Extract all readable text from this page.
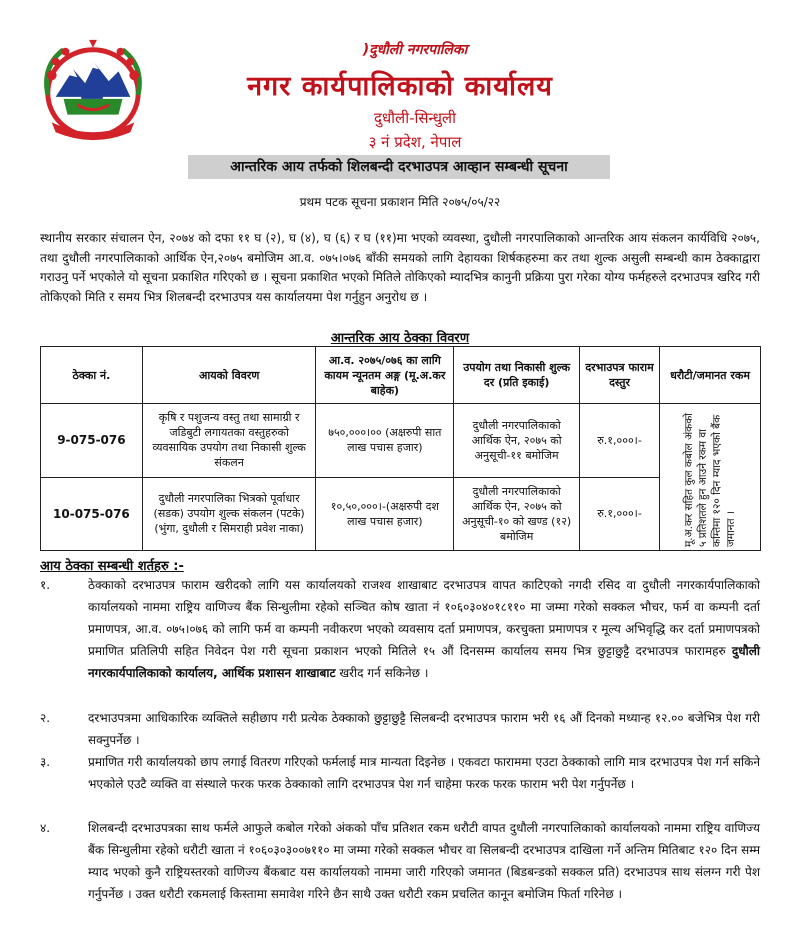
)दुधौली नगरपालिका
नगर कार्यपालिकाको कार्यालय
दुधौली-सिन्धुली
३ नं प्रदेश, नेपाल
आन्तरिक आय तर्फको शिलबन्दी दरभाउपत्र आव्हान सम्बन्धी सूचना
प्रथम पटक सूचना प्रकाशन मिति २०७५/०५/२२
स्थानीय सरकार संचालन ऐन, २०७४ को दफा ११ घ (२), घ (४), घ (६) र घ (११)मा भएको व्यवस्था, दुधौली नगरपालिकाको आन्तरिक आय संकलन कार्यविधि २०७५, तथा दुधौली नगरपालिकाको आर्थिक ऐन,२०७५ बमोजिम आ.व. ०७५।०७६ बाँकी समयको लागि देहायका शिर्षकहरुमा कर तथा शुल्क असुली सम्बन्धी काम ठेक्काद्वारा गराउनु पर्ने भएकोले यो सूचना प्रकाशित गरिएको छ । सूचना प्रकाशित भएको मितिले तोकिएको म्यादभित्र कानुनी प्रक्रिया पुरा गरेका योग्य फर्महरुले दरभाउपत्र खरिद गरी तोकिएको मिति र समय भित्र शिलबन्दी दरभाउपत्र यस कार्यालयमा पेश गर्नुहुन अनुरोध छ ।
आन्तरिक आय ठेक्का विवरण
ठेक्का नं.	आयको विवरण	आ.व. २०७५/०७६ का लागि कायम न्यूनतम अङ्ग (मू.अ.कर बाहेक)	उपयोग तथा निकासी शुल्क दर (प्रति इकाई)	दरभाउपत्र फाराम दस्तुर	धरौटी/जमानत रकम
9-075-076	कृषि र पशुजन्य वस्तु तथा सामाग्री र जडिबुटी लगायतका वस्तुहरुको व्यवसायिक उपयोग तथा निकासी शुल्क संकलन	७५०,०००।०० (अक्षरुपी सात लाख पचास हजार)	दुधौली नगरपालिकाको आर्थिक ऐन, २०७५ को अनुसूची-११ बमोजिम	रु.१,०००।-	मू.अ.कर सहित कुल कबोल अंकको ५ प्रतिशतले हुन आउने रकम वा कम्तिमा १२० दिन म्याद भएको बैंक जमानत ।

10-075-076	दुधौली नगरपालिका भित्रको पूर्वाधार (सडक) उपयोग शुल्क संकलन (पटके) (भुंगा, दुधौली र सिमराही प्रवेश नाका)	१०,५०,०००।-(अक्षरुपी दश लाख पचास हजार)	दुधौली नगरपालिकाको आर्थिक ऐन, २०७५ को अनुसूची-१० को खण्ड (१२) बमोजिम	रु.१,०००।-	
आय ठेक्का सम्बन्धी शर्तहरु :-
१.	ठेक्काको दरभाउपत्र फाराम खरीदको लागि यस कार्यालयको राजश्व शाखाबाट दरभाउपत्र वापत काटिएको नगदी रसिद वा दुधौली नगरकार्यपालिकाको कार्यालयको नाममा राष्ट्रिय वाणिज्य बैंक सिन्धुलीमा रहेको सञ्चित कोष खाता नं १०६०३०४०१८११० मा जम्मा गरेको सक्कल भौचर, फर्म वा कम्पनी दर्ता प्रमाणपत्र, आ.व. ०७५।०७६ को लागि फर्म वा कम्पनी नवीकरण भएको व्यवसाय दर्ता प्रमाणपत्र, करचुक्ता प्रमाणपत्र र मूल्य अभिवृद्धि कर दर्ता प्रमाणपत्रको प्रमाणित प्रतिलिपी सहित निवेदन पेश गरी सूचना प्रकाशन भएको मितिले १५ औं दिनसम्म कार्यालय समय भित्र छुट्टाछुट्टै दरभाउपत्र फारामहरु दुधौली नगरकार्यपालिकाको कार्यालय, आर्थिक प्रशासन शाखाबाट खरीद गर्न सकिनेछ ।
२.	दरभाउपत्रमा आधिकारिक व्यक्तिले सहीछाप गरी प्रत्येक ठेक्काको छुट्टाछुट्टै सिलबन्दी दरभाउपत्र फाराम भरी १६ औं दिनको मध्यान्ह १२.०० बजेभित्र पेश गरी सक्नुपर्नेछ ।
३.	प्रमाणित गरी कार्यालयको छाप लगाई वितरण गरिएको फर्मलाई मात्र मान्यता दिइनेछ । एकवटा फाराममा एउटा ठेक्काको लागि मात्र दरभाउपत्र पेश गर्न सकिने भएकोले एउटै व्यक्ति वा संस्थाले फरक फरक ठेक्काको लागि दरभाउपत्र पेश गर्न चाहेमा फरक फरक फाराम भरी पेश गर्नुपर्नेछ ।
४.	शिलबन्दी दरभाउपत्रका साथ फर्मले आफुले कबोल गरेको अंकको पाँच प्रतिशत रकम धरौटी वापत दुधौली नगरपालिकाको कार्यालयको नाममा राष्ट्रिय वाणिज्य बैंक सिन्धुलीमा रहेको धरौटी खाता नं १०६०३०३००७११० मा जम्मा गरेको सक्कल भौचर वा सिलबन्दी दरभाउपत्र दाखिला गर्ने अन्तिम मितिबाट १२० दिन सम्म म्याद भएको कुनै राष्ट्रियस्तरको वाणिज्य बैंकबाट यस कार्यालयको नाममा जारी गरिएको जमानत (बिडबन्डको सक्कल प्रति) दरभाउपत्र साथ संलग्न गरी पेश गर्नुपर्नेछ । उक्त धरौटी रकमलाई किस्तामा समावेश गरिने छैन साथै उक्त धरौटी रकम प्रचलित कानून बमोजिम फिर्ता गरिनेछ ।
